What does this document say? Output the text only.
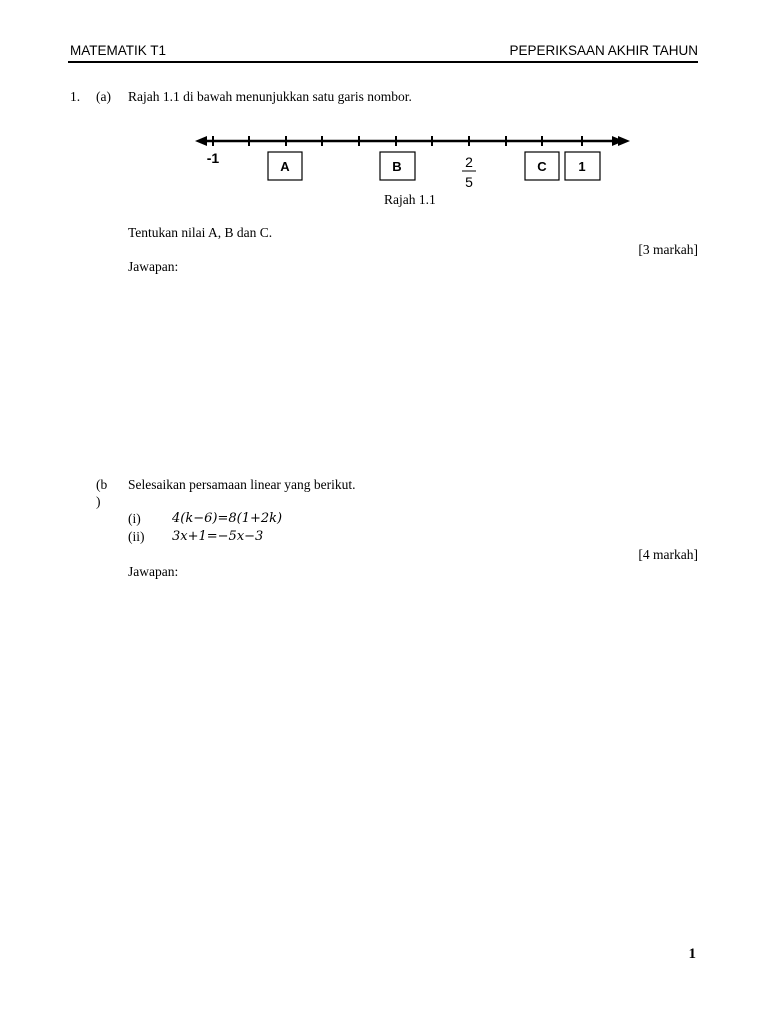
MATEMATIK T1	PEPERIKSAAN AKHIR TAHUN
1. (a) Rajah 1.1 di bawah menunjukkan satu garis nombor.
-1
A	B	2
5
C 1
Rajah 1.1
Tentukan nilai A, B dan C.
[3 markah]
Jawapan:
(b
)
Selesaikan persamaan linear yang berikut.
(i) 4(k−6)=8(1+2k)
(ii) 3x+1=−5x−3
[4 markah]
Jawapan:
1
